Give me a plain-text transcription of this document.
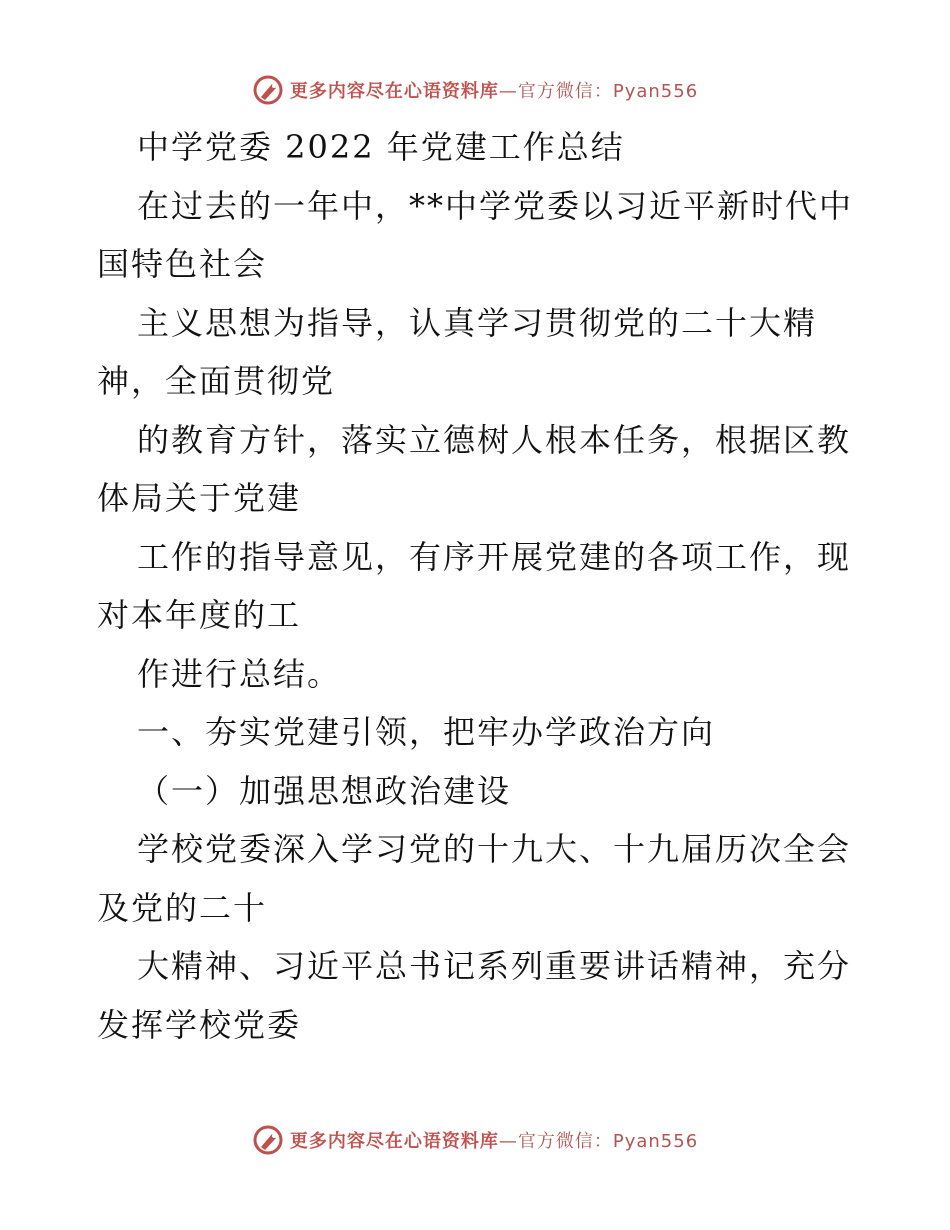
更多内容尽在心语资料库 —官方微信：Pyan556

中学党委 2022 年党建工作总结

在过去的一年中，**中学党委以习近平新时代中

国特色社会

主义思想为指导，认真学习贯彻党的二十大精

神，全面贯彻党

的教育方针，落实立德树人根本任务，根据区教

体局关于党建

工作的指导意见，有序开展党建的各项工作，现

对本年度的工

作进行总结。

一、夯实党建引领，把牢办学政治方向

（一）加强思想政治建设

学校党委深入学习党的十九大、十九届历次全会

及党的二十

大精神、习近平总书记系列重要讲话精神，充分

发挥学校党委

更多内容尽在心语资料库 —官方微信：Pyan556
